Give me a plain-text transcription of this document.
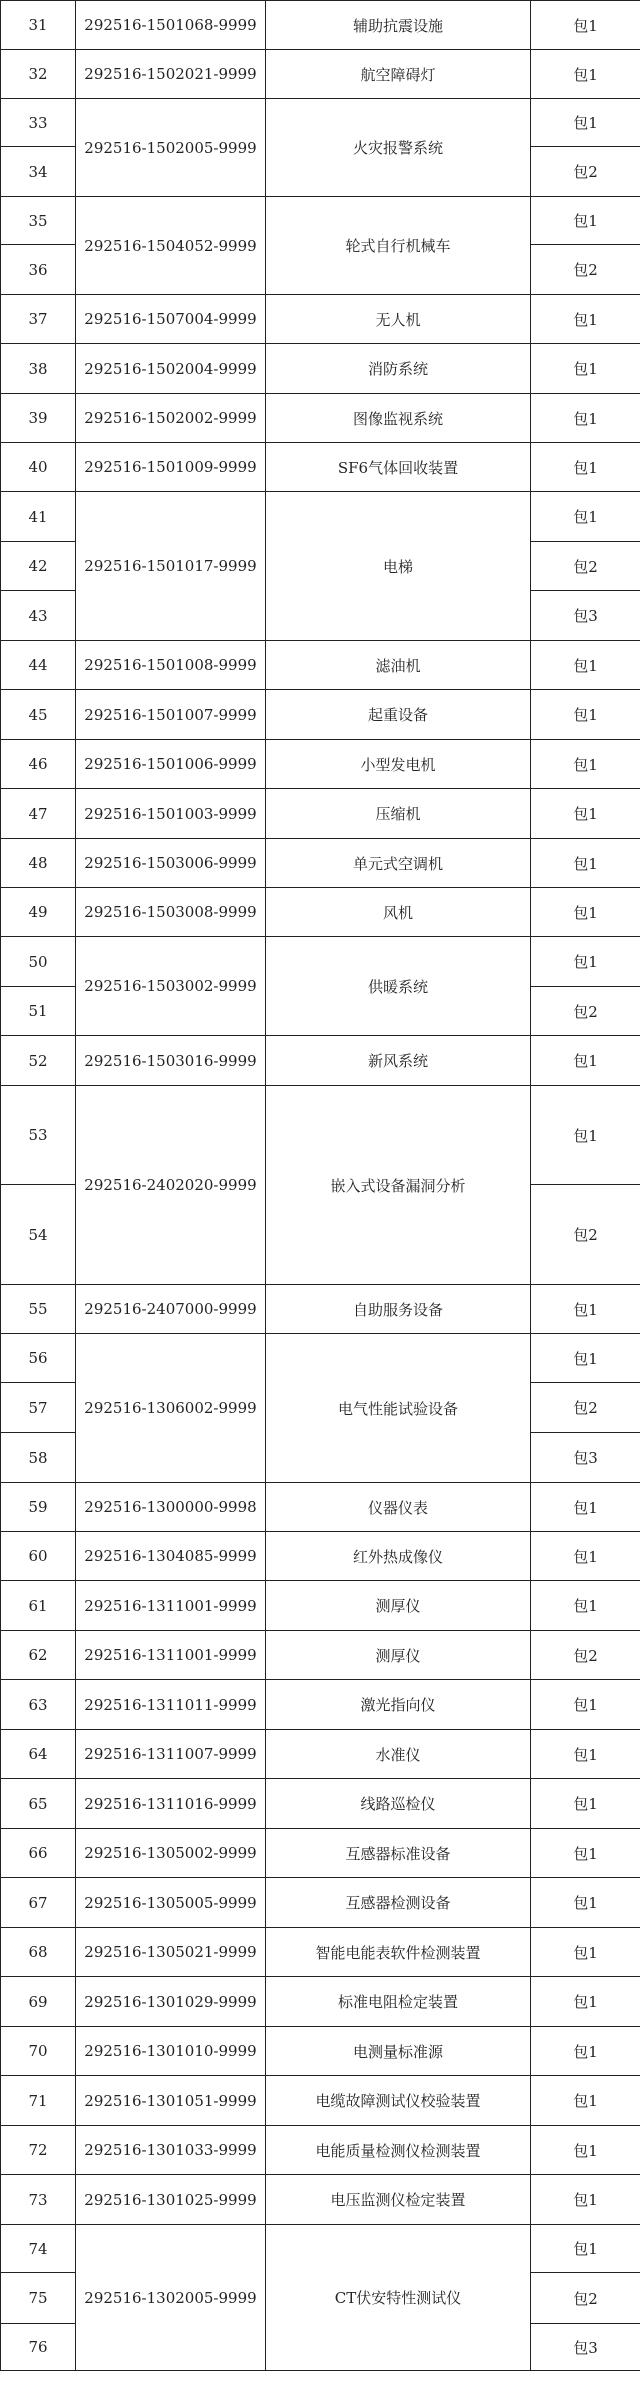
31	292516-1501068-9999	辅助抗震设施	包1
32	292516-1502021-9999	航空障碍灯	包1
33	292516-1502005-9999	火灾报警系统	包1
34			包2
35	292516-1504052-9999	轮式自行机械车	包1
36			包2
37	292516-1507004-9999	无人机	包1
38	292516-1502004-9999	消防系统	包1
39	292516-1502002-9999	图像监视系统	包1
40	292516-1501009-9999	SF6气体回收装置	包1
41	292516-1501017-9999	电梯	包1
42			包2
43			包3
44	292516-1501008-9999	滤油机	包1
45	292516-1501007-9999	起重设备	包1
46	292516-1501006-9999	小型发电机	包1
47	292516-1501003-9999	压缩机	包1
48	292516-1503006-9999	单元式空调机	包1
49	292516-1503008-9999	风机	包1
50	292516-1503002-9999	供暖系统	包1
51			包2
52	292516-1503016-9999	新风系统	包1
53	292516-2402020-9999	嵌入式设备漏洞分析	包1
54			包2
55	292516-2407000-9999	自助服务设备	包1
56	292516-1306002-9999	电气性能试验设备	包1
57			包2
58			包3
59	292516-1300000-9998	仪器仪表	包1
60	292516-1304085-9999	红外热成像仪	包1
61	292516-1311001-9999	测厚仪	包1
62	292516-1311001-9999	测厚仪	包2
63	292516-1311011-9999	激光指向仪	包1
64	292516-1311007-9999	水准仪	包1
65	292516-1311016-9999	线路巡检仪	包1
66	292516-1305002-9999	互感器标准设备	包1
67	292516-1305005-9999	互感器检测设备	包1
68	292516-1305021-9999	智能电能表软件检测装置	包1
69	292516-1301029-9999	标准电阻检定装置	包1
70	292516-1301010-9999	电测量标准源	包1
71	292516-1301051-9999	电缆故障测试仪校验装置	包1
72	292516-1301033-9999	电能质量检测仪检测装置	包1
73	292516-1301025-9999	电压监测仪检定装置	包1
74	292516-1302005-9999	CT伏安特性测试仪	包1
75			包2
76			包3
